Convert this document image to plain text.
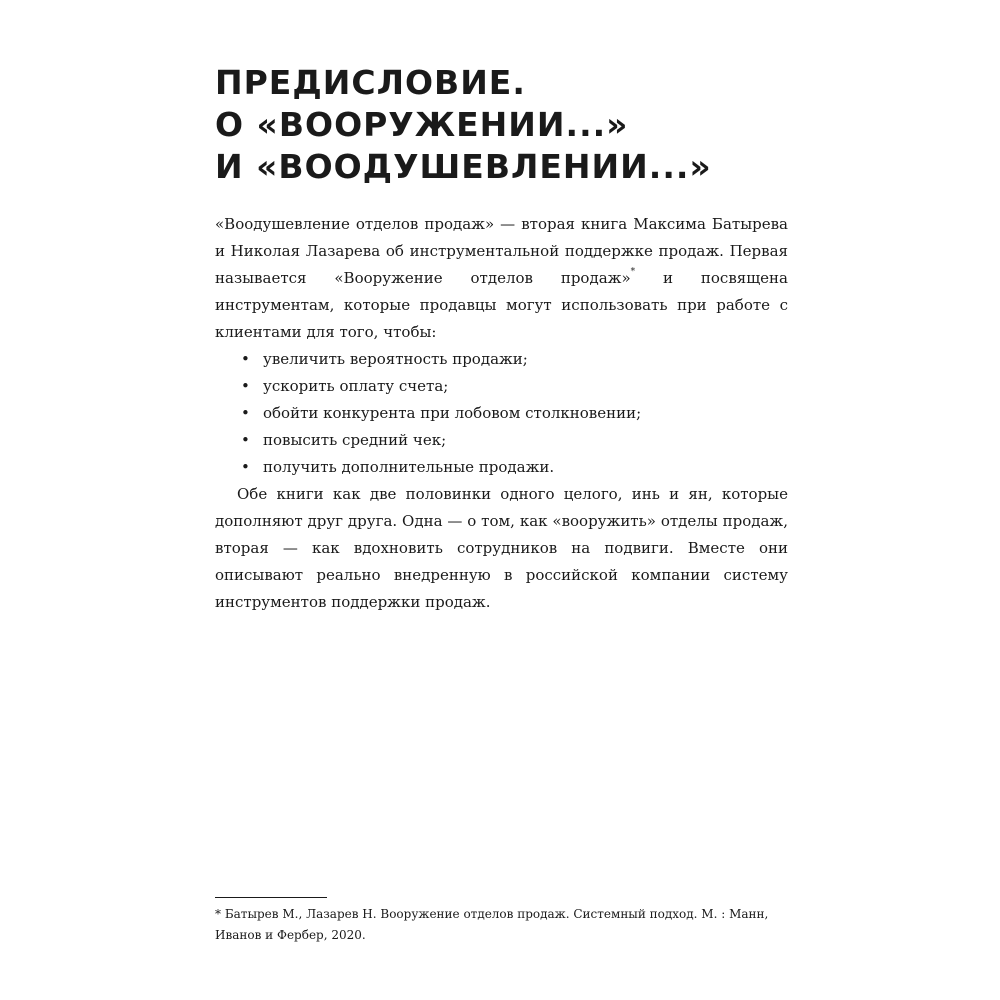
ПРЕДИСЛОВИЕ.
О «ВООРУЖЕНИИ...»
И «ВООДУШЕВЛЕНИИ...»

«Воодушевление отделов продаж» — вторая книга Максима Батырева и Николая Лазарева об инструментальной поддержке продаж. Первая называется «Вооружение отделов продаж»* и посвящена инструментам, которые продавцы могут использовать при работе с клиентами для того, чтобы:

• увеличить вероятность продажи;
• ускорить оплату счета;
• обойти конкурента при лобовом столкновении;
• повысить средний чек;
• получить дополнительные продажи.

Обе книги как две половинки одного целого, инь и ян, которые дополняют друг друга. Одна — о том, как «вооружить» отделы продаж, вторая — как вдохновить сотрудников на подвиги. Вместе они описывают реально внедренную в российской компании систему инструментов поддержки продаж.

* Батырев М., Лазарев Н. Вооружение отделов продаж. Системный подход. М. : Манн, Иванов и Фербер, 2020.
